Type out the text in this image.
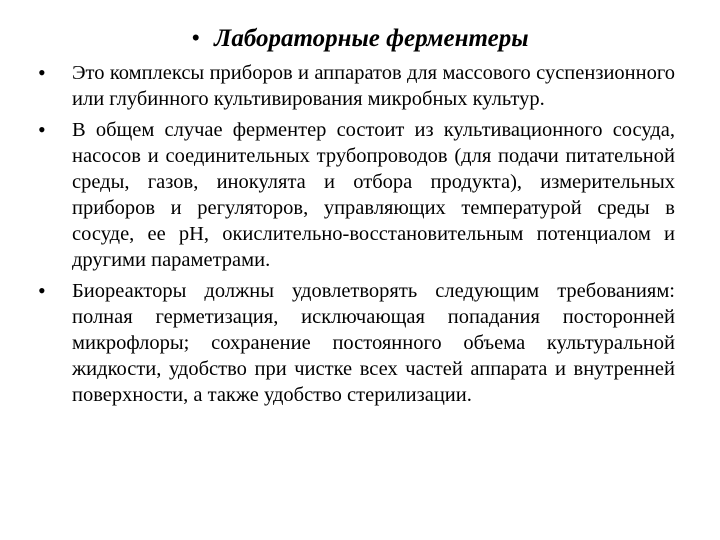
• Лабораторные ферментеры
•	Это комплексы приборов и аппаратов для массового суспензионного или глубинного культивирования микробных культур.

•	В общем случае ферментер состоит из культивационного сосуда, насосов и соединительных трубопроводов (для подачи питательной среды, газов, инокулята и отбора продукта), измерительных приборов и регуляторов, управляющих температурой среды в сосуде, ее рН, окислительно-восстановительным потенциалом и другими параметрами.

•	Биореакторы должны удовлетворять следующим требованиям: полная герметизация, исключающая попадания посторонней микрофлоры; сохранение постоянного объема культуральной жидкости, удобство при чистке всех частей аппарата и внутренней поверхности, а также удобство стерилизации.
